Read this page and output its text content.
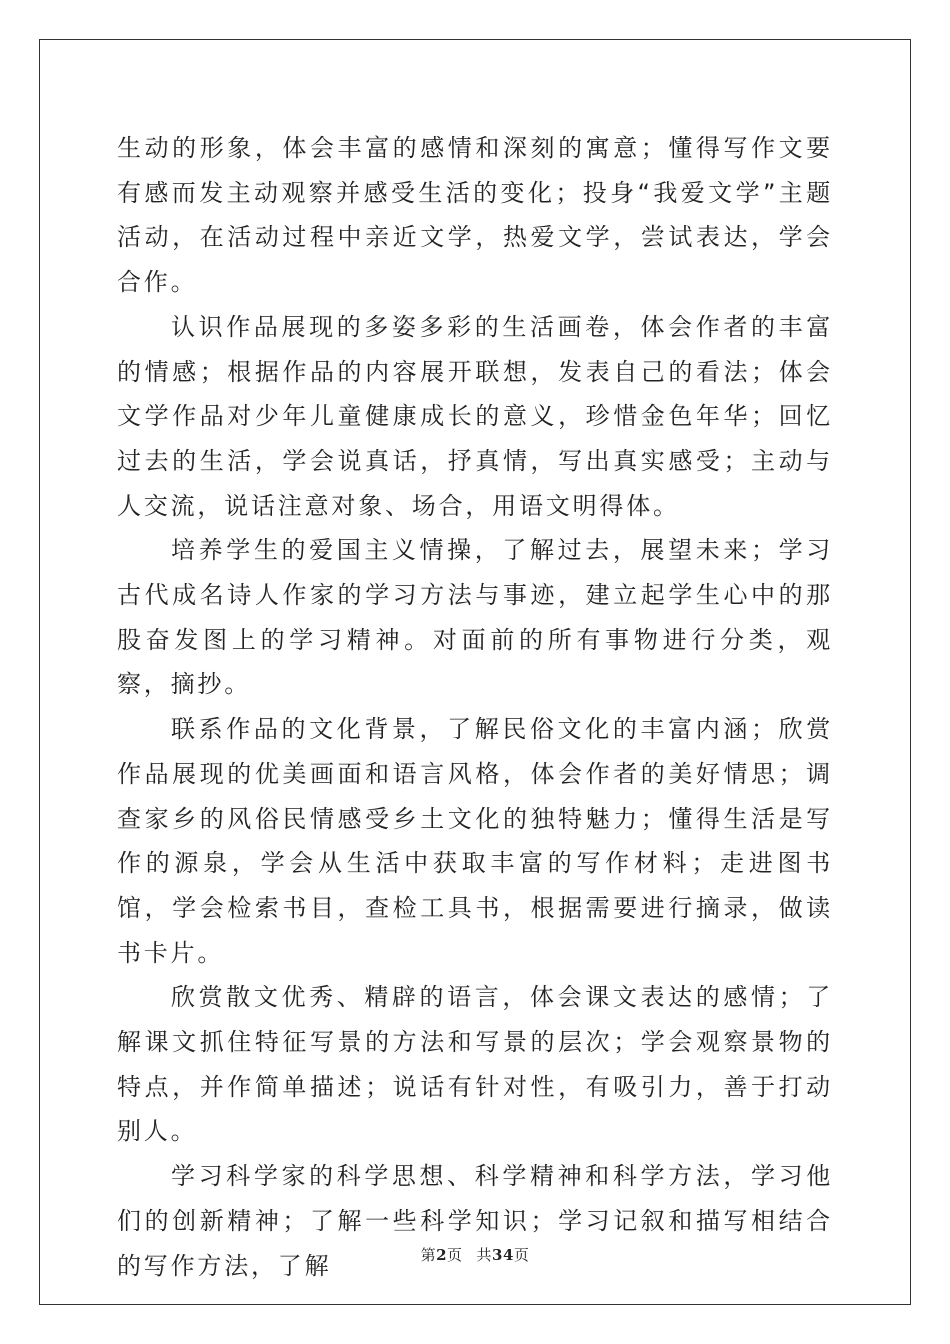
生动的形象，体会丰富的感情和深刻的寓意；懂得写作文要有感而发主动观察并感受生活的变化；投身“我爱文学”主题活动，在活动过程中亲近文学，热爱文学，尝试表达，学会合作。

认识作品展现的多姿多彩的生活画卷，体会作者的丰富的情感；根据作品的内容展开联想，发表自己的看法；体会文学作品对少年儿童健康成长的意义，珍惜金色年华；回忆过去的生活，学会说真话，抒真情，写出真实感受；主动与人交流，说话注意对象、场合，用语文明得体。

培养学生的爱国主义情操，了解过去，展望未来；学习古代成名诗人作家的学习方法与事迹，建立起学生心中的那股奋发图上的学习精神。对面前的所有事物进行分类，观察，摘抄。

联系作品的文化背景，了解民俗文化的丰富内涵；欣赏作品展现的优美画面和语言风格，体会作者的美好情思；调查家乡的风俗民情感受乡土文化的独特魅力；懂得生活是写作的源泉，学会从生活中获取丰富的写作材料；走进图书馆，学会检索书目，查检工具书，根据需要进行摘录，做读书卡片。

欣赏散文优秀、精辟的语言，体会课文表达的感情；了解课文抓住特征写景的方法和写景的层次；学会观察景物的特点，并作简单描述；说话有针对性，有吸引力，善于打动别人。

学习科学家的科学思想、科学精神和科学方法，学习他们的创新精神；了解一些科学知识；学习记叙和描写相结合的写作方法，了解	第2页 共34页
